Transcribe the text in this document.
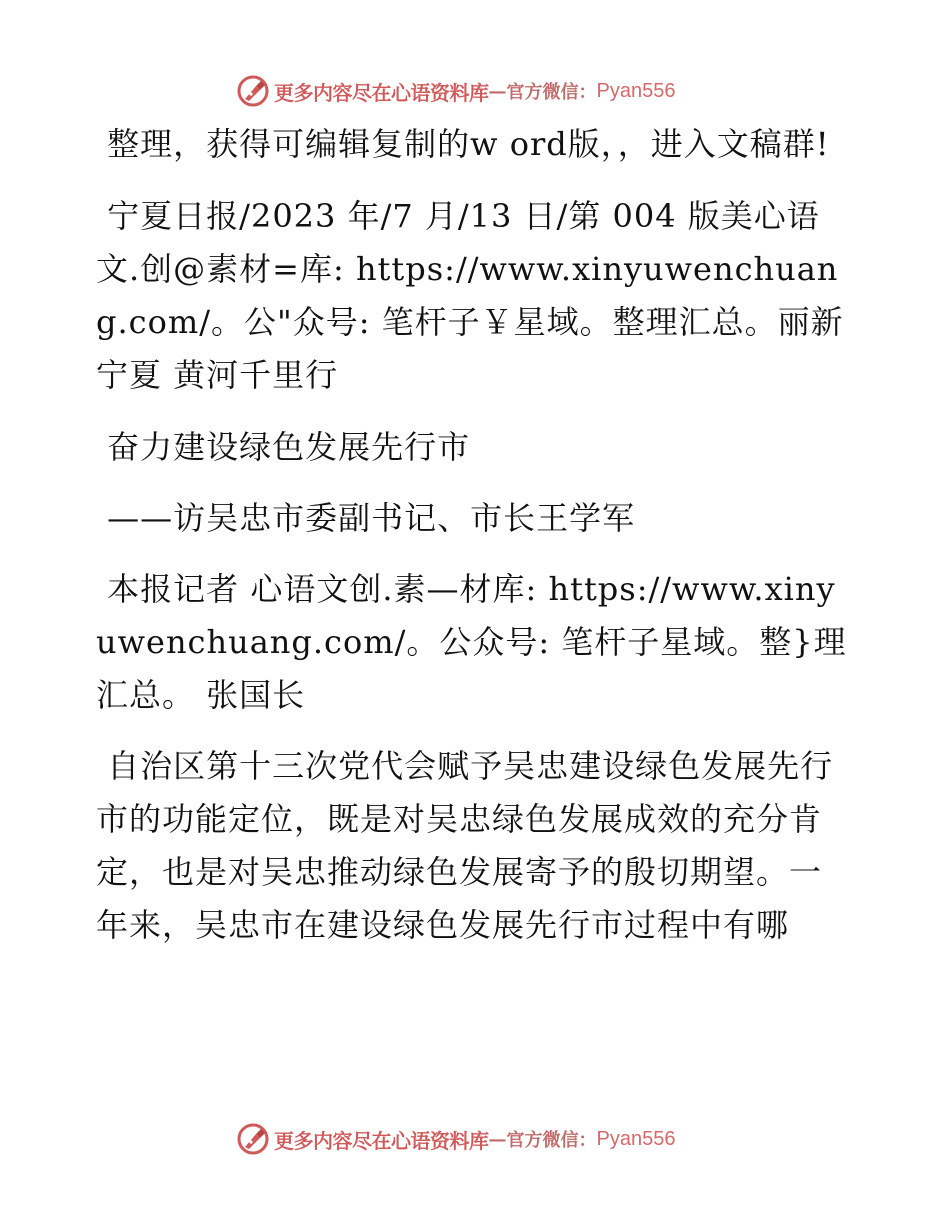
更多内容尽在心语资料库 — 官方微信： Pyan556

整理，获得可编辑复制的w ord版，，进入文稿群!

宁夏日报/2023 年/7 月/13 日/第 004 版美心语文.创@素材=库: https://www.xinyuwenchuang.com/。公"众号: 笔杆子￥星域。整理汇总。丽新宁夏 黄河千里行

奋力建设绿色发展先行市

——访吴忠市委副书记、市长王学军

本报记者 心语文创.素—材库: https://www.xinyuwenchuang.com/。公众号: 笔杆子星域。整}理汇总。 张国长

自治区第十三次党代会赋予吴忠建设绿色发展先行市的功能定位，既是对吴忠绿色发展成效的充分肯定，也是对吴忠推动绿色发展寄予的殷切期望。一年来，吴忠市在建设绿色发展先行市过程中有哪

更多内容尽在心语资料库 — 官方微信： Pyan556
